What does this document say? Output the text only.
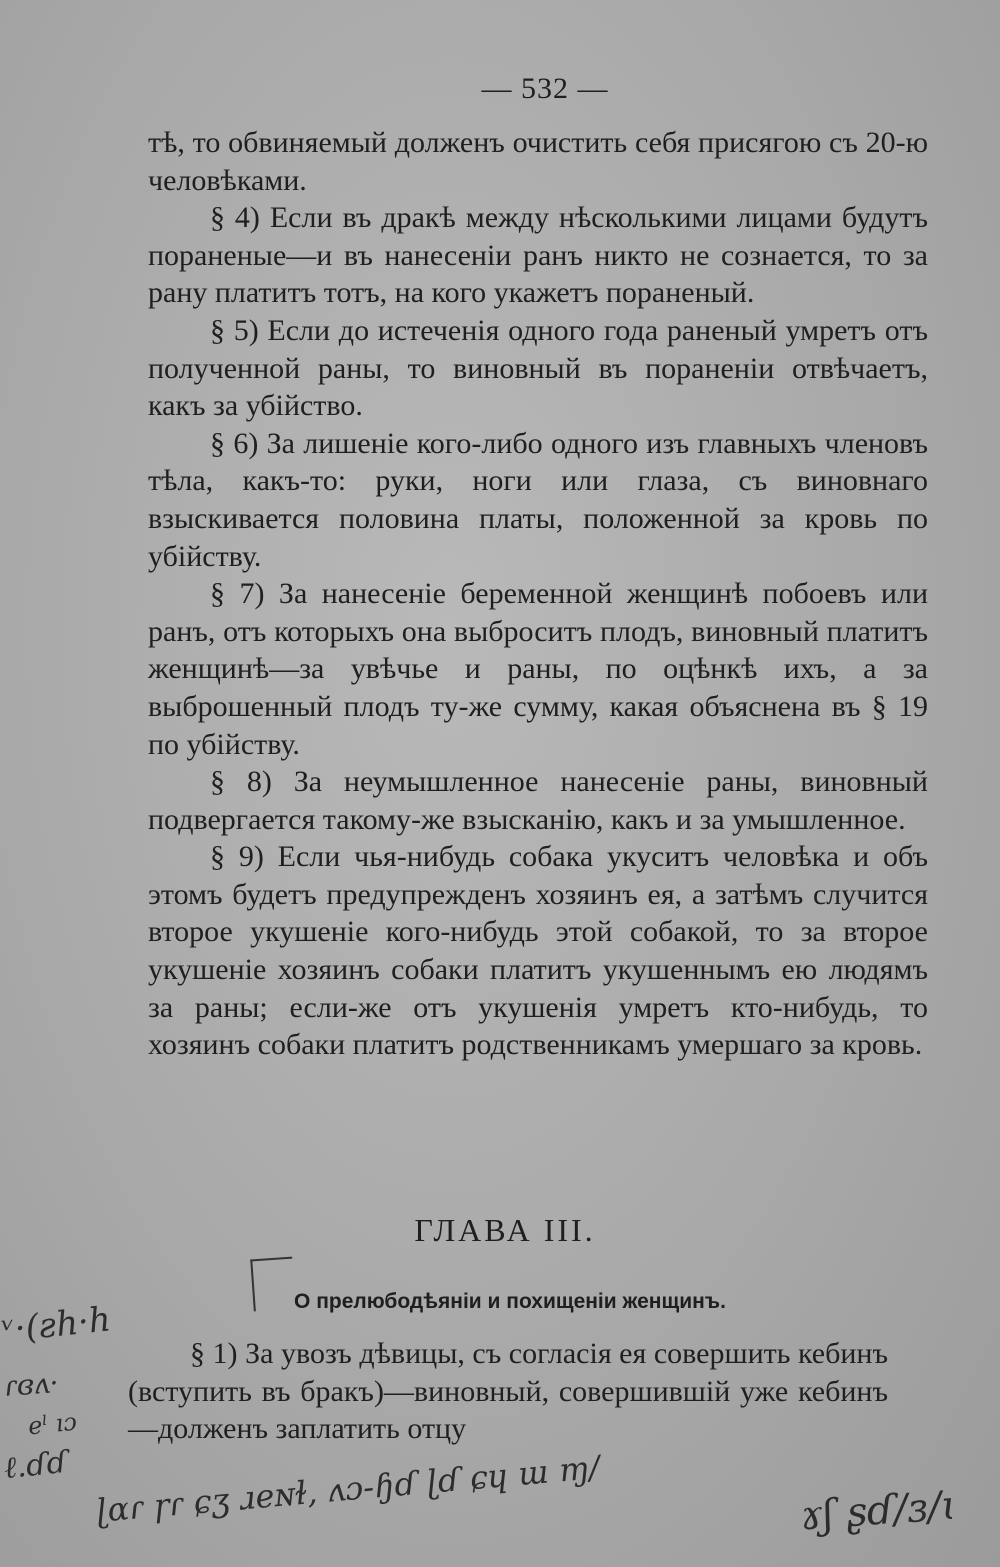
— 532 —

тѣ, то обвиняемый долженъ очистить себя присягою съ 20-ю человѣками.

§ 4) Если въ дракѣ между нѣсколькими лицами будутъ пораненые—и въ нанесеніи ранъ никто не сознается, то за рану платитъ тотъ, на кого укажетъ пораненый.

§ 5) Если до истеченія одного года раненый умретъ отъ полученной раны, то виновный въ пораненіи отвѣчаетъ, какъ за убійство.

§ 6) За лишеніе кого-либо одного изъ главныхъ членовъ тѣла, какъ-то: руки, ноги или глаза, съ виновнаго взыскивается половина платы, положенной за кровь по убійству.

§ 7) За нанесеніе беременной женщинѣ побоевъ или ранъ, отъ которыхъ она выброситъ плодъ, виновный платитъ женщинѣ—за увѣчье и раны, по оцѣнкѣ ихъ, а за выброшенный плодъ ту-же сумму, какая объяснена въ § 19 по убійству.

§ 8) За неумышленное нанесеніе раны, виновный подвергается такому-же взысканію, какъ и за умышленное.

§ 9) Если чья-нибудь собака укуситъ человѣка и объ этомъ будетъ предупрежденъ хозяинъ ея, а затѣмъ случится второе укушеніе кого-нибудь этой собакой, то за второе укушеніе хозяинъ собаки платитъ укушеннымъ ею людямъ за раны; если-же отъ укушенія умретъ кто-нибудь, то хозяинъ собаки платитъ родственникамъ умершаго за кровь.

ГЛАВА III.
О прелюбодѣяніи и похищеніи женщинъ.

§ 1) За увозъ дѣвицы, съ согласія ея совершить кебинъ (вступить въ бракъ)—виновный, совершившій уже кебинъ—долженъ заплатить отцу

ᵛ·(ƨh·h
ɾɞʌ·
eˡ ıɔ
ℓ.ɗɗ ɭɑɾ ɼɾ ɕʒ ɹeɴɫ, ʌɔ-ɧɗ ɭɗ ɕɥ ɯ ɱ/	ɤʃ ʂɗ/ɜ/ɩ
